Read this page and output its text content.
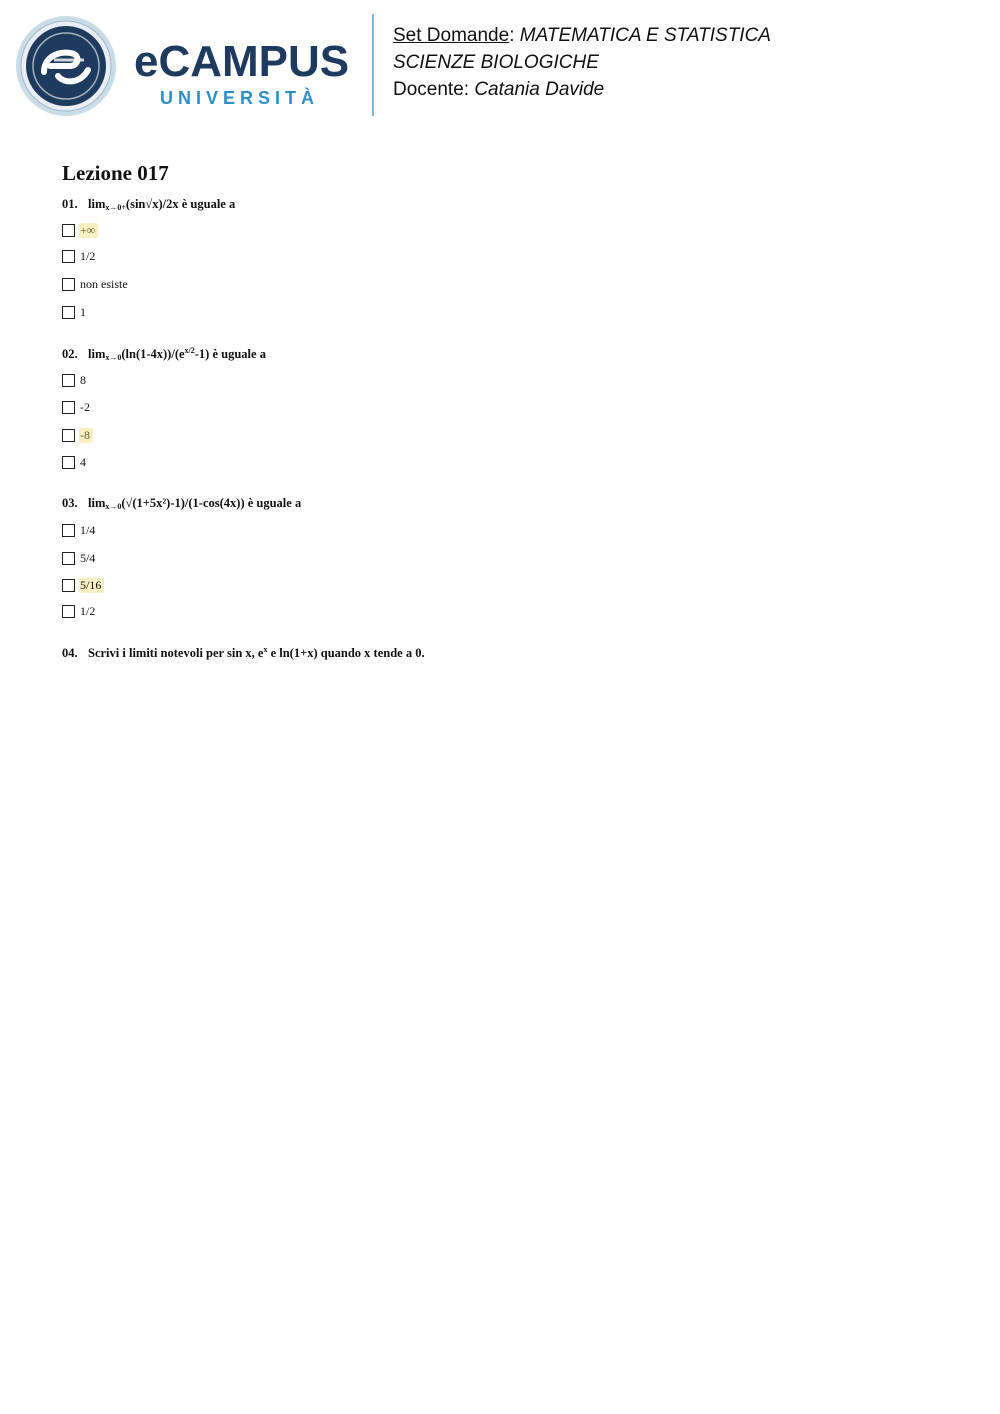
eCAMPUS
UNIVERSITÀ
Set Domande: MATEMATICA E STATISTICA
SCIENZE BIOLOGICHE
Docente: Catania Davide
Lezione 017
01. $\lim_{x\to 0+}(\sin√x)/2x$ è uguale a
+∞
1/2
non esiste
1
02. $\lim_{x\to 0}(\ln(1-4x))/(e^{x/2}-1)$ è uguale a
8
-2
-8
4
03. $\lim_{x\to 0}(√(1+5x^2)-1)/(1-\cos(4x))$ è uguale a
1/4
5/4
5/16
1/2
04. Scrivi i limiti notevoli per sin x, $e^x$ e ln(1+x) quando x tende a 0.
